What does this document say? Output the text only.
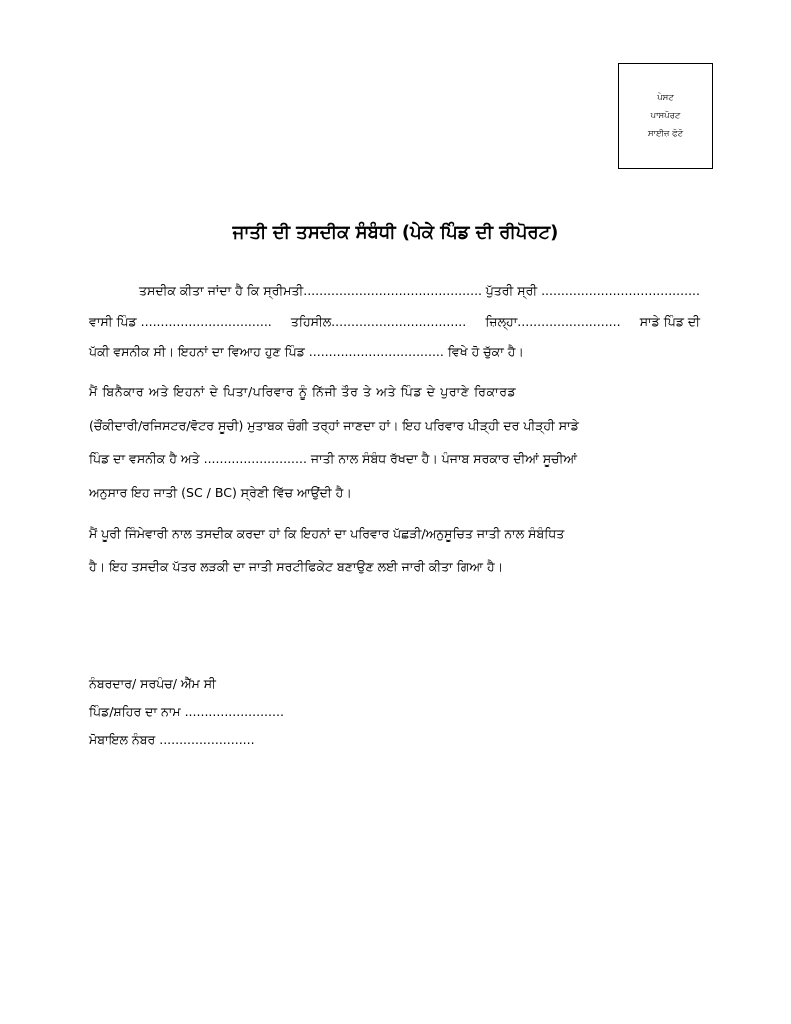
ਪੇਸਟ
ਪਾਸਪੋਰਟ
ਸਾਈਜ਼ ਫੋਟੋ
ਜਾਤੀ ਦੀ ਤਸਦੀਕ ਸੰਬੰਧੀ (ਪੇਕੇ ਪਿੰਡ ਦੀ ਰੀਪੋਰਟ)
ਤਸਦੀਕ ਕੀਤਾ ਜਾਂਦਾ ਹੈ ਕਿ ਸ੍ਰੀਮਤੀ............................................. ਪੁੱਤਰੀ ਸ੍ਰੀ ........................................
ਵਾਸੀ ਪਿੰਡ ................................. ਤਹਿਸੀਲ.................................. ਜ਼ਿਲ੍ਹਾ.......................... ਸਾਡੇ ਪਿੰਡ ਦੀ

ਪੱਕੀ ਵਸਨੀਕ ਸੀ। ਇਹਨਾਂ ਦਾ ਵਿਆਹ ਹੁਣ ਪਿੰਡ .................................. ਵਿਖੇ ਹੋ ਚੁੱਕਾ ਹੈ।

ਮੈਂ ਬਿਨੈਕਾਰ ਅਤੇ ਇਹਨਾਂ ਦੇ ਪਿਤਾ/ਪਰਿਵਾਰ ਨੂੰ ਨਿੱਜੀ ਤੌਰ ਤੇ ਅਤੇ ਪਿੰਡ ਦੇ ਪੁਰਾਣੇ ਰਿਕਾਰਡ

(ਚੌਂਕੀਦਾਰੀ/ਰਜਿਸਟਰ/ਵੋਟਰ ਸੂਚੀ) ਮੁਤਾਬਕ ਚੰਗੀ ਤਰ੍ਹਾਂ ਜਾਣਦਾ ਹਾਂ। ਇਹ ਪਰਿਵਾਰ ਪੀੜ੍ਹੀ ਦਰ ਪੀੜ੍ਹੀ ਸਾਡੇ

ਪਿੰਡ ਦਾ ਵਸਨੀਕ ਹੈ ਅਤੇ .......................... ਜਾਤੀ ਨਾਲ ਸੰਬੰਧ ਰੱਖਦਾ ਹੈ। ਪੰਜਾਬ ਸਰਕਾਰ ਦੀਆਂ ਸੂਚੀਆਂ

ਅਨੁਸਾਰ ਇਹ ਜਾਤੀ (SC / BC) ਸ੍ਰੇਣੀ ਵਿੱਚ ਆਉਂਦੀ ਹੈ।

ਮੈਂ ਪੂਰੀ ਜਿੰਮੇਵਾਰੀ ਨਾਲ ਤਸਦੀਕ ਕਰਦਾ ਹਾਂ ਕਿ ਇਹਨਾਂ ਦਾ ਪਰਿਵਾਰ ਪੱਛੜੀ/ਅਨੁਸੂਚਿਤ ਜਾਤੀ ਨਾਲ ਸੰਬੰਧਿਤ

ਹੈ। ਇਹ ਤਸਦੀਕ ਪੱਤਰ ਲੜਕੀ ਦਾ ਜਾਤੀ ਸਰਟੀਫਿਕੇਟ ਬਣਾਉਣ ਲਈ ਜਾਰੀ ਕੀਤਾ ਗਿਆ ਹੈ।

ਨੰਬਰਦਾਰ/ ਸਰਪੰਚ/ ਐੱਮ ਸੀ

ਪਿੰਡ/ਸ਼ਹਿਰ ਦਾ ਨਾਮ .........................

ਮੋਬਾਇਲ ਨੰਬਰ ........................
